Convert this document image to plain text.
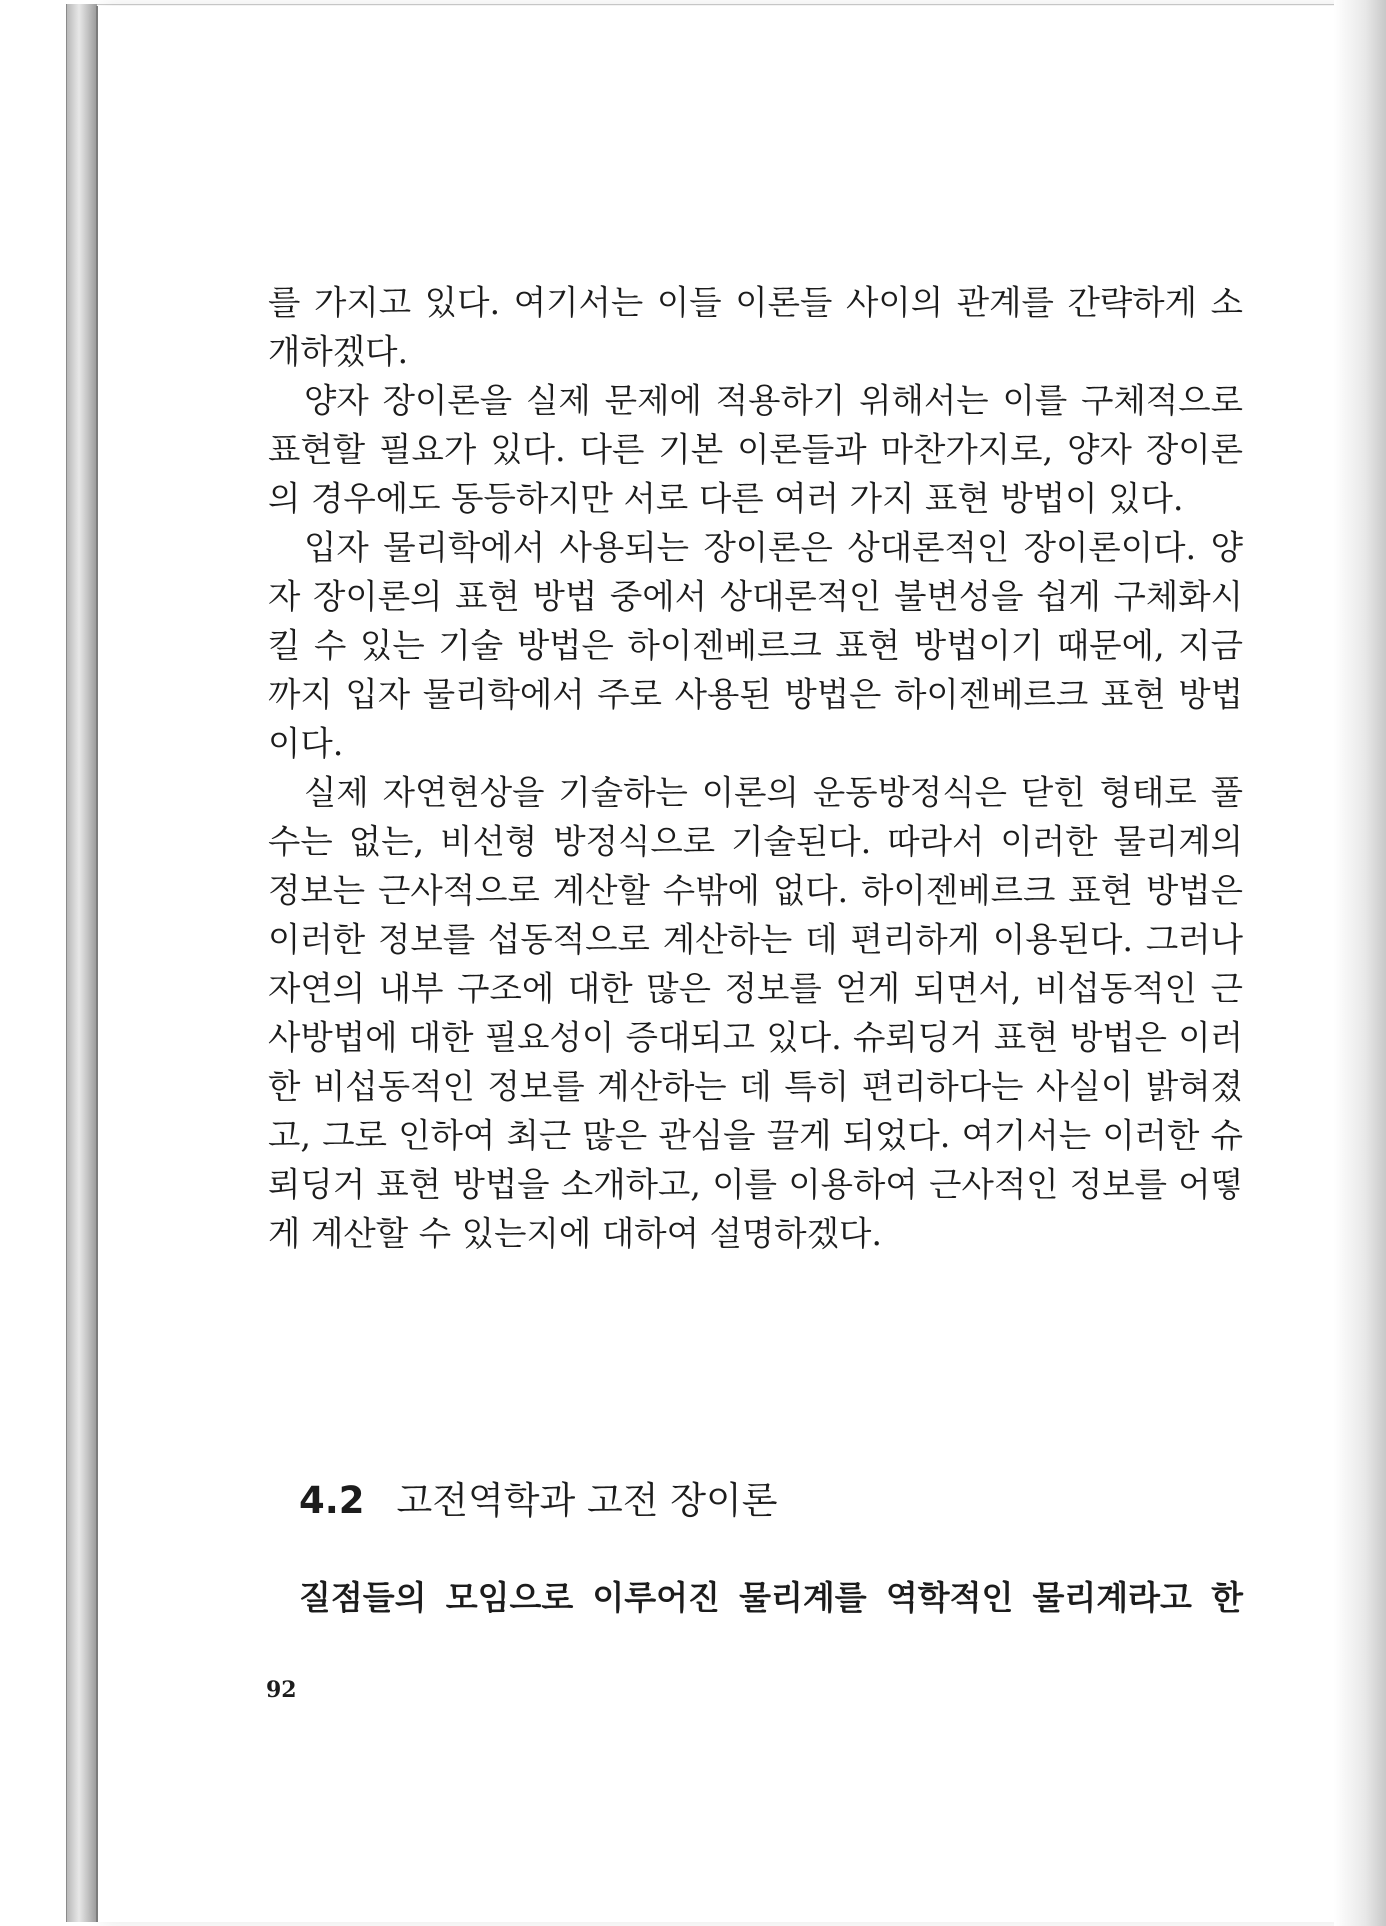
를 가지고 있다. 여기서는 이들 이론들 사이의 관계를 간략하게 소개하겠다.

양자 장이론을 실제 문제에 적용하기 위해서는 이를 구체적으로 표현할 필요가 있다. 다른 기본 이론들과 마찬가지로, 양자 장이론의 경우에도 동등하지만 서로 다른 여러 가지 표현 방법이 있다.

입자 물리학에서 사용되는 장이론은 상대론적인 장이론이다. 양자 장이론의 표현 방법 중에서 상대론적인 불변성을 쉽게 구체화시킬 수 있는 기술 방법은 하이젠베르크 표현 방법이기 때문에, 지금까지 입자 물리학에서 주로 사용된 방법은 하이젠베르크 표현 방법이다.

실제 자연현상을 기술하는 이론의 운동방정식은 닫힌 형태로 풀 수는 없는, 비선형 방정식으로 기술된다. 따라서 이러한 물리계의 정보는 근사적으로 계산할 수밖에 없다. 하이젠베르크 표현 방법은 이러한 정보를 섭동적으로 계산하는 데 편리하게 이용된다. 그러나 자연의 내부 구조에 대한 많은 정보를 얻게 되면서, 비섭동적인 근사방법에 대한 필요성이 증대되고 있다. 슈뢰딩거 표현 방법은 이러한 비섭동적인 정보를 계산하는 데 특히 편리하다는 사실이 밝혀졌고, 그로 인하여 최근 많은 관심을 끌게 되었다. 여기서는 이러한 슈뢰딩거 표현 방법을 소개하고, 이를 이용하여 근사적인 정보를 어떻게 계산할 수 있는지에 대하여 설명하겠다.

4.2 고전역학과 고전 장이론
질점들의 모임으로 이루어진 물리계를 역학적인 물리계라고 한
92
